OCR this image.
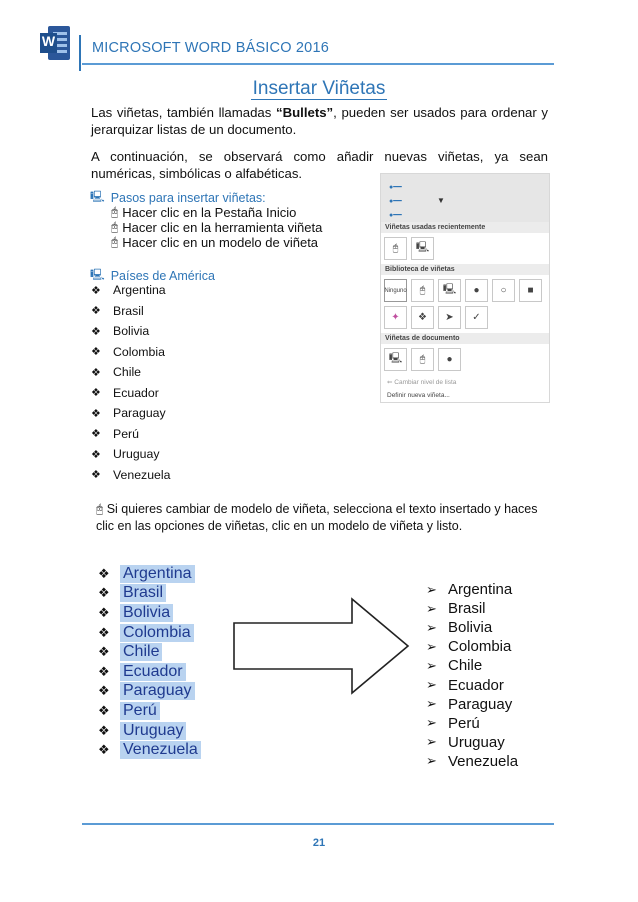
W	MICROSOFT WORD BÁSICO 2016
Insertar Viñetas
Las viñetas, también llamadas “Bullets”, pueden ser usados para ordenar y jerarquizar listas de un documento.
A continuación, se observará como añadir nuevas viñetas, ya sean numéricas, simbólicas o alfabéticas.
🖳 Pasos para insertar viñetas:
🖰 Hacer clic en la Pestaña Inicio
🖰 Hacer clic en la herramienta viñeta
🖰 Hacer clic en un modelo de viñeta
🖳 Países de América
❖ Argentina
❖ Brasil
❖ Bolivia
❖ Colombia
❖ Chile
❖ Ecuador
❖ Paraguay
❖ Perú
❖ Uruguay
❖ Venezuela
●━━
●━━
●━━
▼
Viñetas usadas recientemente
🖰	🖳
Biblioteca de viñetas
Ninguno	🖰	🖳	●	○	■
✦	❖	➤	✓
Viñetas de documento
🖳	🖰	●
⇐ Cambiar nivel de lista
Definir nueva viñeta...
🖰 Si quieres cambiar de modelo de viñeta, selecciona el texto insertado y haces clic en las opciones de viñetas, clic en un modelo de viñeta y listo.
❖ Argentina
❖ Brasil
❖ Bolivia
❖ Colombia
❖ Chile
❖ Ecuador
❖ Paraguay
❖ Perú
❖ Uruguay
❖ Venezuela
➢ Argentina
➢ Brasil
➢ Bolivia
➢ Colombia
➢ Chile
➢ Ecuador
➢ Paraguay
➢ Perú
➢ Uruguay
➢ Venezuela
21
